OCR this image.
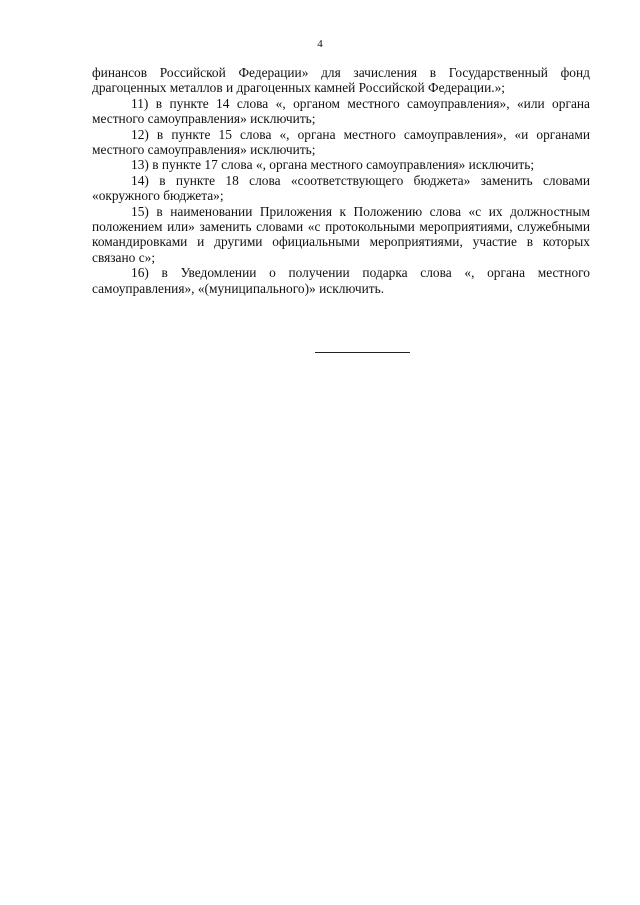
4

финансов Российской Федерации» для зачисления в Государственный фонд драгоценных металлов и драгоценных камней Российской Федерации.»;

11) в пункте 14 слова «, органом местного самоуправления», «или органа местного самоуправления» исключить;

12) в пункте 15 слова «, органа местного самоуправления», «и органами местного самоуправления» исключить;

13) в пункте 17 слова «, органа местного самоуправления» исключить;

14) в пункте 18 слова «соответствующего бюджета» заменить словами «окружного бюджета»;

15) в наименовании Приложения к Положению слова «с их должностным положением или» заменить словами «с протокольными мероприятиями, служебными командировками и другими официальными мероприятиями, участие в которых связано с»;

16) в Уведомлении о получении подарка слова «, органа местного самоуправления», «(муниципального)» исключить.
